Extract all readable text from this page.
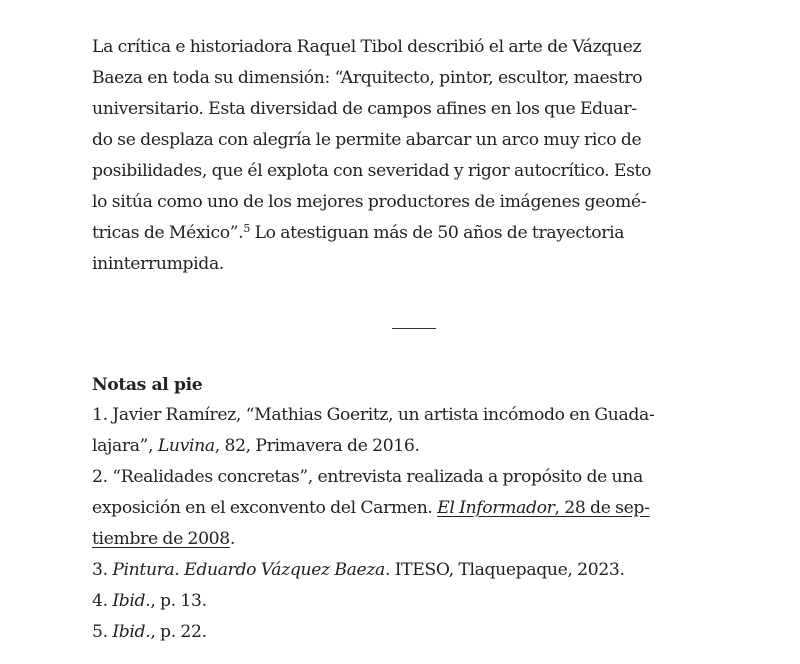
La crítica e historiadora Raquel Tibol describió el arte de Vázquez
Baeza en toda su dimensión: “Arquitecto, pintor, escultor, maestro
universitario. Esta diversidad de campos afines en los que Eduar-
do se desplaza con alegría le permite abarcar un arco muy rico de
posibilidades, que él explota con severidad y rigor autocrítico. Esto
lo sitúa como uno de los mejores productores de imágenes geomé-
tricas de México”.$^5$ Lo atestiguan más de 50 años de trayectoria
ininterrumpida.

Notas al pie

1. Javier Ramírez, “Mathias Goeritz, un artista incómodo en Guada-
lajara”, Luvina, 82, Primavera de 2016.

2. “Realidades concretas”, entrevista realizada a propósito de una
exposición en el exconvento del Carmen. El Informador, 28 de sep-
tiembre de 2008.

3. Pintura. Eduardo Vázquez Baeza. ITESO, Tlaquepaque, 2023.

4. Ibid., p. 13.

5. Ibid., p. 22.
